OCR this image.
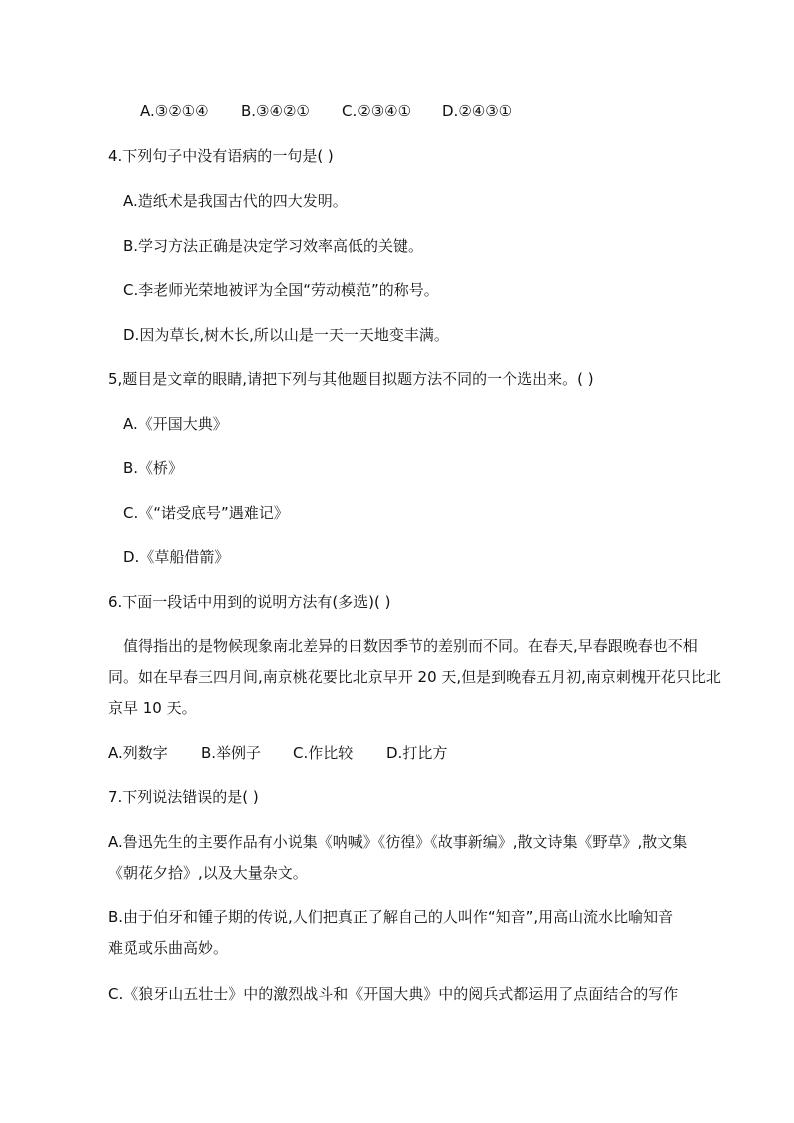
A.③②①④ B.③④②① C.②③④① D.②④③①
4.下列句子中没有语病的一句是( )
A.造纸术是我国古代的四大发明。
B.学习方法正确是决定学习效率高低的关键。
C.李老师光荣地被评为全国“劳动模范”的称号。
D.因为草长,树木长,所以山是一天一天地变丰满。
5,题目是文章的眼睛,请把下列与其他题目拟题方法不同的一个选出来。( )
A.《开国大典》
B.《桥》
C.《“诺受底号”遇难记》
D.《草船借箭》
6.下面一段话中用到的说明方法有(多选)( )
值得指出的是物候现象南北差异的日数因季节的差别而不同。在春天,早春跟晚春也不相
同。如在早春三四月间,南京桃花要比北京早开 20 天,但是到晚春五月初,南京刺槐开花只比北
京早 10 天。
A.列数字 B.举例子 C.作比较 D.打比方
7.下列说法错误的是( )
A.鲁迅先生的主要作品有小说集《呐喊》《彷徨》《故事新编》,散文诗集《野草》,散文集
《朝花夕拾》,以及大量杂文。
B.由于伯牙和锺子期的传说,人们把真正了解自己的人叫作“知音”,用高山流水比喻知音
难觅或乐曲高妙。
C.《狼牙山五壮士》中的激烈战斗和《开国大典》中的阅兵式都运用了点面结合的写作
